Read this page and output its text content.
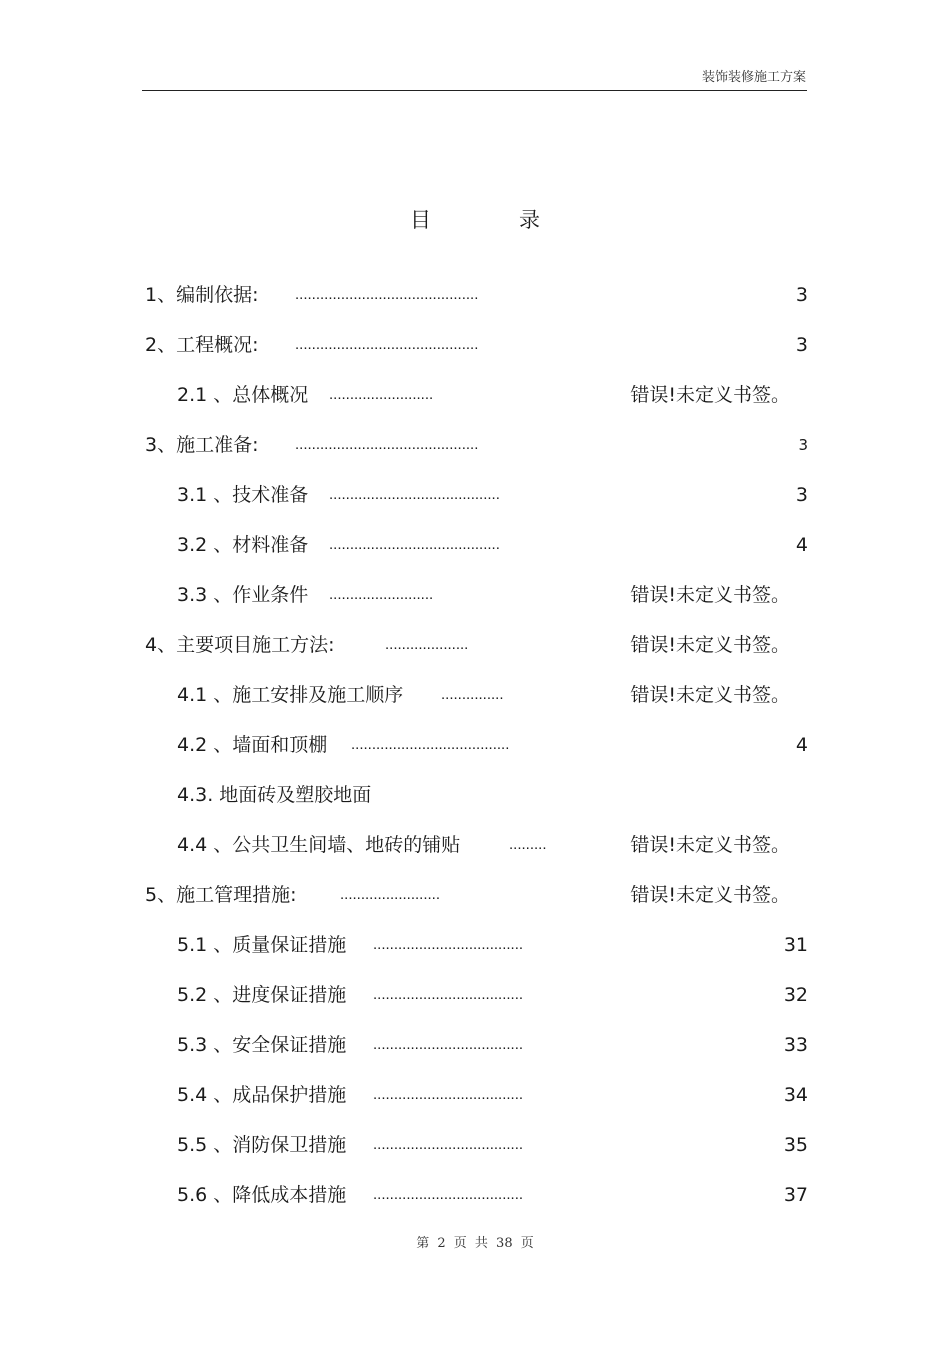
装饰装修施工方案
目录
1、编制依据: ............................................	3
2、工程概况: ............................................	3
2.1 、总体概况 .........................	错误!未定义书签。
3、施工准备: ............................................	3
3.1 、技术准备 .........................................	3
3.2 、材料准备 .........................................	4
3.3 、作业条件 .........................	错误!未定义书签。
4、主要项目施工方法:	....................	错误!未定义书签。
4.1 、施工安排及施工顺序	...............	错误!未定义书签。
4.2 、墙面和顶棚 ......................................	4
4.3. 地面砖及塑胶地面
4.4 、公共卫生间墙、地砖的铺贴	.........	错误!未定义书签。
5、施工管理措施:	........................	错误!未定义书签。
5.1 、质量保证措施 ....................................	31
5.2 、进度保证措施 ....................................	32
5.3 、安全保证措施 ....................................	33
5.4 、成品保护措施 ....................................	34
5.5 、消防保卫措施 ....................................	35
5.6 、降低成本措施 ....................................	37
第 2 页 共 38 页
